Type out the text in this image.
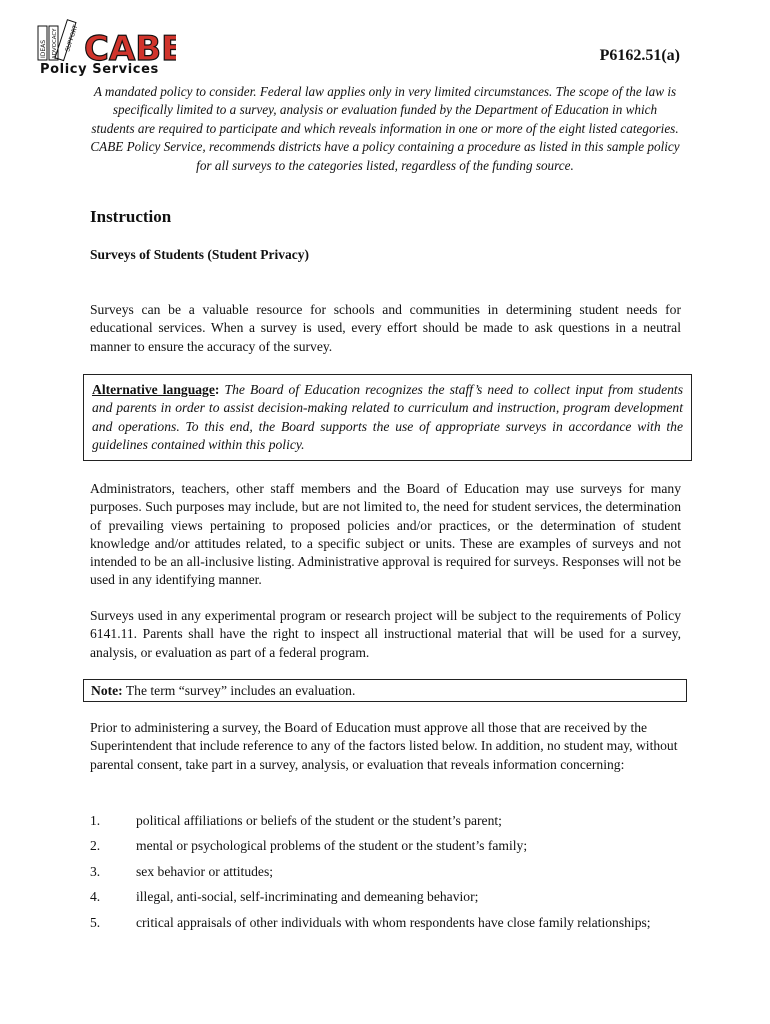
IDEAS ADVOCACY SUPPORT CABE
Policy Services
P6162.51(a)
A mandated policy to consider. Federal law applies only in very limited circumstances. The scope of the law is specifically limited to a survey, analysis or evaluation funded by the Department of Education in which students are required to participate and which reveals information in one or more of the eight listed categories. CABE Policy Service, recommends districts have a policy containing a procedure as listed in this sample policy for all surveys to the categories listed, regardless of the funding source.
Instruction
Surveys of Students (Student Privacy)
Surveys can be a valuable resource for schools and communities in determining student needs for educational services. When a survey is used, every effort should be made to ask questions in a neutral manner to ensure the accuracy of the survey.
Alternative language: The Board of Education recognizes the staff’s need to collect input from students and parents in order to assist decision-making related to curriculum and instruction, program development and operations. To this end, the Board supports the use of appropriate surveys in accordance with the guidelines contained within this policy.
Administrators, teachers, other staff members and the Board of Education may use surveys for many purposes. Such purposes may include, but are not limited to, the need for student services, the determination of prevailing views pertaining to proposed policies and/or practices, or the determination of student knowledge and/or attitudes related, to a specific subject or units. These are examples of surveys and not intended to be an all-inclusive listing. Administrative approval is required for surveys. Responses will not be used in any identifying manner.
Surveys used in any experimental program or research project will be subject to the requirements of Policy 6141.11. Parents shall have the right to inspect all instructional material that will be used for a survey, analysis, or evaluation as part of a federal program.
Note: The term “survey” includes an evaluation.
Prior to administering a survey, the Board of Education must approve all those that are received by the Superintendent that include reference to any of the factors listed below. In addition, no student may, without parental consent, take part in a survey, analysis, or evaluation that reveals information concerning:
1.	political affiliations or beliefs of the student or the student’s parent;
2.	mental or psychological problems of the student or the student’s family;
3.	sex behavior or attitudes;
4.	illegal, anti-social, self-incriminating and demeaning behavior;
5.	critical appraisals of other individuals with whom respondents have close family relationships;
